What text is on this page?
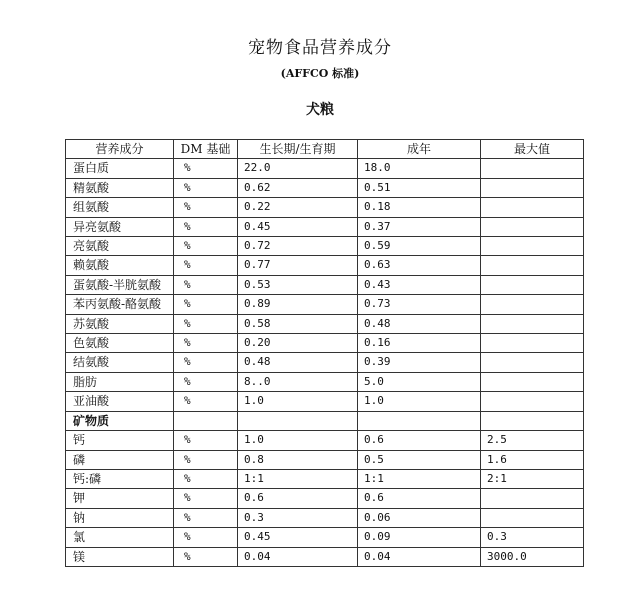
宠物食品营养成分
(AFFCO 标准)
犬粮
营养成分	DM 基础	生长期/生育期	成年	最大值
蛋白质	%	22.0	18.0	
精氨酸	%	0.62	0.51	
组氨酸	%	0.22	0.18	
异亮氨酸	%	0.45	0.37	
亮氨酸	%	0.72	0.59	
赖氨酸	%	0.77	0.63	
蛋氨酸-半胱氨酸	%	0.53	0.43	
苯丙氨酸-酪氨酸	%	0.89	0.73	
苏氨酸	%	0.58	0.48	
色氨酸	%	0.20	0.16	
结氨酸	%	0.48	0.39	
脂肪	%	8..0	5.0	
亚油酸	%	1.0	1.0	
矿物质				
钙	%	1.0	0.6	2.5
磷	%	0.8	0.5	1.6
钙:磷	%	1:1	1:1	2:1
钾	%	0.6	0.6	
钠	%	0.3	0.06	
氯	%	0.45	0.09	0.3
镁	%	0.04	0.04	3000.0
